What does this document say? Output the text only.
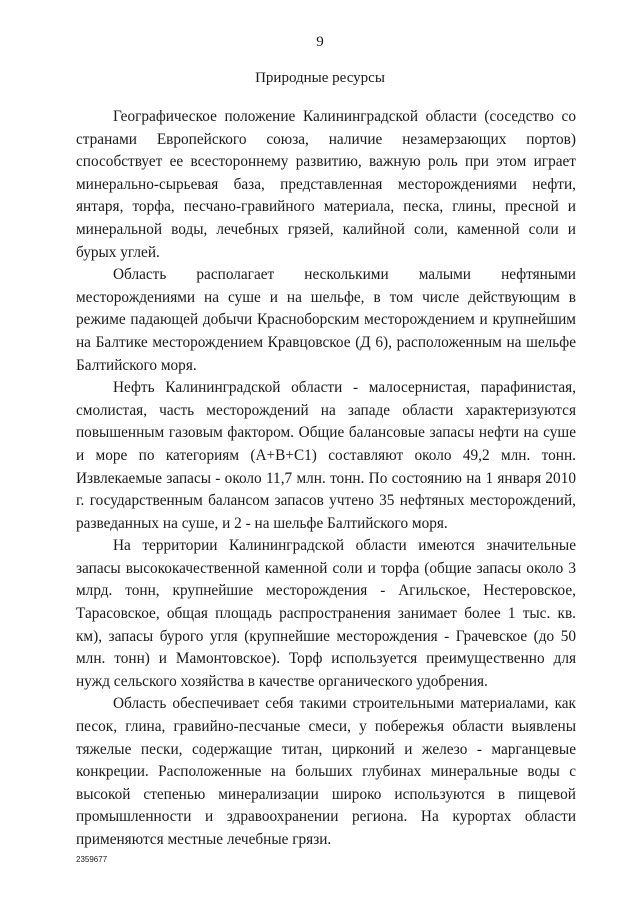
9
Природные ресурсы

Географическое положение Калининградской области (соседство со странами Европейского союза, наличие незамерзающих портов) способствует ее всестороннему развитию, важную роль при этом играет минерально-сырьевая база, представленная месторождениями нефти, янтаря, торфа, песчано-гравийного материала, песка, глины, пресной и минеральной воды, лечебных грязей, калийной соли, каменной соли и бурых углей.

Область располагает несколькими малыми нефтяными месторождениями на суше и на шельфе, в том числе действующим в режиме падающей добычи Красноборским месторождением и крупнейшим на Балтике месторождением Кравцовское (Д 6), расположенным на шельфе Балтийского моря.

Нефть Калининградской области - малосернистая, парафинистая, смолистая, часть месторождений на западе области характеризуются повышенным газовым фактором. Общие балансовые запасы нефти на суше и море по категориям (А+В+С1) составляют около 49,2 млн. тонн. Извлекаемые запасы - около 11,7 млн. тонн. По состоянию на 1 января 2010 г. государственным балансом запасов учтено 35 нефтяных месторождений, разведанных на суше, и 2 - на шельфе Балтийского моря.

На территории Калининградской области имеются значительные запасы высококачественной каменной соли и торфа (общие запасы около 3 млрд. тонн, крупнейшие месторождения - Агильское, Нестеровское, Тарасовское, общая площадь распространения занимает более 1 тыс. кв. км), запасы бурого угля (крупнейшие месторождения - Грачевское (до 50 млн. тонн) и Мамонтовское). Торф используется преимущественно для нужд сельского хозяйства в качестве органического удобрения.

Область обеспечивает себя такими строительными материалами, как песок, глина, гравийно-песчаные смеси, у побережья области выявлены тяжелые пески, содержащие титан, цирконий и железо - марганцевые конкреции. Расположенные на больших глубинах минеральные воды с высокой степенью минерализации широко используются в пищевой промышленности и здравоохранении региона. На курортах области применяются местные лечебные грязи.

2359677
